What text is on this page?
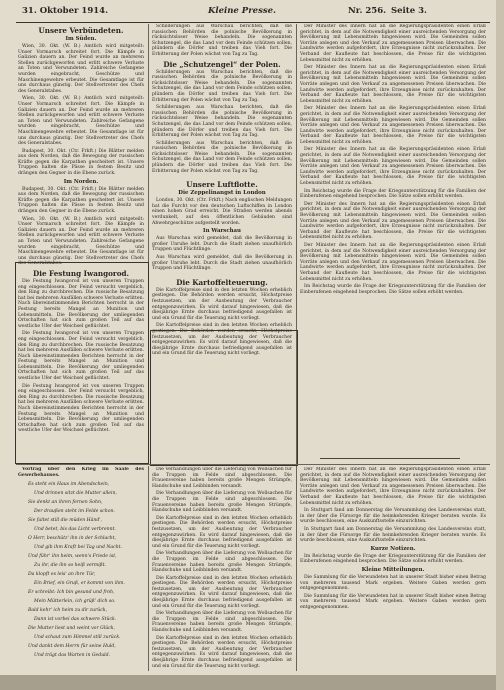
31. Oktober 1914.	Kleine Presse.	Nr. 256. Seite 3.
Unsere Verbündeten.
Im Süden.

Wien, 30. Okt. (W. B.) Amtlich wird mitgeteilt: Unser Vormarsch schreitet fort. Die Kämpfe in Galizien dauern an. Der Feind wurde an mehreren Stellen zurückgeworfen und erlitt schwere Verluste an Toten und Verwundeten. Zahlreiche Gefangene wurden eingebracht, Geschütze und Maschinengewehre erbeutet. Die Gesamtlage ist für uns durchaus günstig. Der Stellvertreter des Chefs des Generalstabes.

Wien, 30. Okt. (W. B.) Amtlich wird mitgeteilt: Unser Vormarsch schreitet fort. Die Kämpfe in Galizien dauern an. Der Feind wurde an mehreren Stellen zurückgeworfen und erlitt schwere Verluste an Toten und Verwundeten. Zahlreiche Gefangene wurden eingebracht, Geschütze und Maschinengewehre erbeutet. Die Gesamtlage ist für uns durchaus günstig. Der Stellvertreter des Chefs des Generalstabes.

Budapest, 30. Okt. (Ctr. Frkft.) Die Blätter melden aus dem Norden, daß die Bewegung der russischen Kräfte gegen die Karpathen gescheitert ist. Unsere Truppen halten die Pässe in festem Besitz und drängen den Gegner in die Ebene zurück.

Im Norden.

Budapest, 30. Okt. (Ctr. Frkft.) Die Blätter melden aus dem Norden, daß die Bewegung der russischen Kräfte gegen die Karpathen gescheitert ist. Unsere Truppen halten die Pässe in festem Besitz und drängen den Gegner in die Ebene zurück.

Wien, 30. Okt. (W. B.) Amtlich wird mitgeteilt: Unser Vormarsch schreitet fort. Die Kämpfe in Galizien dauern an. Der Feind wurde an mehreren Stellen zurückgeworfen und erlitt schwere Verluste an Toten und Verwundeten. Zahlreiche Gefangene wurden eingebracht, Geschütze und Maschinengewehre erbeutet. Die Gesamtlage ist für uns durchaus günstig. Der Stellvertreter des Chefs des Generalstabes.

Die Festung Iwangorod.

Die Festung Iwangorod ist von unseren Truppen eng eingeschlossen. Der Feind versucht vergeblich, den Ring zu durchbrechen. Die russische Besatzung hat bei mehreren Ausfällen schwere Verluste erlitten. Nach übereinstimmenden Berichten herrscht in der Festung bereits Mangel an Munition und Lebensmitteln. Die Bevölkerung der umliegenden Ortschaften hat sich zum großen Teil auf das westliche Ufer der Weichsel geflüchtet.

Die Festung Iwangorod ist von unseren Truppen eng eingeschlossen. Der Feind versucht vergeblich, den Ring zu durchbrechen. Die russische Besatzung hat bei mehreren Ausfällen schwere Verluste erlitten. Nach übereinstimmenden Berichten herrscht in der Festung bereits Mangel an Munition und Lebensmitteln. Die Bevölkerung der umliegenden Ortschaften hat sich zum großen Teil auf das westliche Ufer der Weichsel geflüchtet.

Die Festung Iwangorod ist von unseren Truppen eng eingeschlossen. Der Feind versucht vergeblich, den Ring zu durchbrechen. Die russische Besatzung hat bei mehreren Ausfällen schwere Verluste erlitten. Nach übereinstimmenden Berichten herrscht in der Festung bereits Mangel an Munition und Lebensmitteln. Die Bevölkerung der umliegenden Ortschaften hat sich zum großen Teil auf das westliche Ufer der Weichsel geflüchtet.

Schilderungen aus Warschau berichten, daß die russischen Behörden die polnische Bevölkerung in rücksichtsloser Weise behandeln. Die sogenannten Schutzengel, die das Land vor dem Feinde schützen sollen, plündern die Dörfer und treiben das Vieh fort. Die Erbitterung der Polen wächst von Tag zu Tag.

Die „Schutzengel“ der Polen.

Schilderungen aus Warschau berichten, daß die russischen Behörden die polnische Bevölkerung in rücksichtsloser Weise behandeln. Die sogenannten Schutzengel, die das Land vor dem Feinde schützen sollen, plündern die Dörfer und treiben das Vieh fort. Die Erbitterung der Polen wächst von Tag zu Tag.

Schilderungen aus Warschau berichten, daß die russischen Behörden die polnische Bevölkerung in rücksichtsloser Weise behandeln. Die sogenannten Schutzengel, die das Land vor dem Feinde schützen sollen, plündern die Dörfer und treiben das Vieh fort. Die Erbitterung der Polen wächst von Tag zu Tag.

Schilderungen aus Warschau berichten, daß die russischen Behörden die polnische Bevölkerung in rücksichtsloser Weise behandeln. Die sogenannten Schutzengel, die das Land vor dem Feinde schützen sollen, plündern die Dörfer und treiben das Vieh fort. Die Erbitterung der Polen wächst von Tag zu Tag.

Unsere Luftflotte.
Die Zeppelinangst in London

London, 30. Okt. (Ctr. Frkft.) Nach englischen Meldungen hat die Furcht vor den deutschen Luftschiffen in London einen hohen Grad erreicht. Die Straßen werden abends verdunkelt, auf den öffentlichen Gebäuden sind Abwehrgeschütze aufgestellt worden.

In Warschau

Aus Warschau wird gemeldet, daß die Bevölkerung in großer Unruhe lebt. Durch die Stadt ziehen unaufhörlich Truppen und Flüchtlinge.

Aus Warschau wird gemeldet, daß die Bevölkerung in großer Unruhe lebt. Durch die Stadt ziehen unaufhörlich Truppen und Flüchtlinge.

Die Kartoffelteuerung.

Die Kartoffelpreise sind in den letzten Wochen erheblich gestiegen. Die Behörden werden ersucht, Höchstpreise festzusetzen, um der Ausbeutung der Verbraucher entgegenzuwirken. Es wird darauf hingewiesen, daß die diesjährige Ernte durchaus befriedigend ausgefallen ist und ein Grund für die Teuerung nicht vorliegt.

Die Kartoffelpreise sind in den letzten Wochen erheblich gestiegen. Die Behörden werden ersucht, Höchstpreise festzusetzen, um der Ausbeutung der Verbraucher entgegenzuwirken. Es wird darauf hingewiesen, daß die diesjährige Ernte durchaus befriedigend ausgefallen ist und ein Grund für die Teuerung nicht vorliegt.

Der Minister des Innern hat an die Regierungspräsidenten einen Erlaß gerichtet, in dem auf die Notwendigkeit einer ausreichenden Versorgung der Bevölkerung mit Lebensmitteln hingewiesen wird. Die Gemeinden sollen Vorräte anlegen und den Verkauf zu angemessenen Preisen überwachen. Die Landwirte werden aufgefordert, ihre Erzeugnisse nicht zurückzuhalten. Der Verband der Kaufleute hat beschlossen, die Preise für die wichtigsten Lebensmittel nicht zu erhöhen.

Der Minister des Innern hat an die Regierungspräsidenten einen Erlaß gerichtet, in dem auf die Notwendigkeit einer ausreichenden Versorgung der Bevölkerung mit Lebensmitteln hingewiesen wird. Die Gemeinden sollen Vorräte anlegen und den Verkauf zu angemessenen Preisen überwachen. Die Landwirte werden aufgefordert, ihre Erzeugnisse nicht zurückzuhalten. Der Verband der Kaufleute hat beschlossen, die Preise für die wichtigsten Lebensmittel nicht zu erhöhen.

Der Minister des Innern hat an die Regierungspräsidenten einen Erlaß gerichtet, in dem auf die Notwendigkeit einer ausreichenden Versorgung der Bevölkerung mit Lebensmitteln hingewiesen wird. Die Gemeinden sollen Vorräte anlegen und den Verkauf zu angemessenen Preisen überwachen. Die Landwirte werden aufgefordert, ihre Erzeugnisse nicht zurückzuhalten. Der Verband der Kaufleute hat beschlossen, die Preise für die wichtigsten Lebensmittel nicht zu erhöhen.

Der Minister des Innern hat an die Regierungspräsidenten einen Erlaß gerichtet, in dem auf die Notwendigkeit einer ausreichenden Versorgung der Bevölkerung mit Lebensmitteln hingewiesen wird. Die Gemeinden sollen Vorräte anlegen und den Verkauf zu angemessenen Preisen überwachen. Die Landwirte werden aufgefordert, ihre Erzeugnisse nicht zurückzuhalten. Der Verband der Kaufleute hat beschlossen, die Preise für die wichtigsten Lebensmittel nicht zu erhöhen.

Im Reichstag wurde die Frage der Kriegsunterstützung für die Familien der Einberufenen eingehend besprochen. Die Sätze sollen erhöht werden.

Der Minister des Innern hat an die Regierungspräsidenten einen Erlaß gerichtet, in dem auf die Notwendigkeit einer ausreichenden Versorgung der Bevölkerung mit Lebensmitteln hingewiesen wird. Die Gemeinden sollen Vorräte anlegen und den Verkauf zu angemessenen Preisen überwachen. Die Landwirte werden aufgefordert, ihre Erzeugnisse nicht zurückzuhalten. Der Verband der Kaufleute hat beschlossen, die Preise für die wichtigsten Lebensmittel nicht zu erhöhen.

Der Minister des Innern hat an die Regierungspräsidenten einen Erlaß gerichtet, in dem auf die Notwendigkeit einer ausreichenden Versorgung der Bevölkerung mit Lebensmitteln hingewiesen wird. Die Gemeinden sollen Vorräte anlegen und den Verkauf zu angemessenen Preisen überwachen. Die Landwirte werden aufgefordert, ihre Erzeugnisse nicht zurückzuhalten. Der Verband der Kaufleute hat beschlossen, die Preise für die wichtigsten Lebensmittel nicht zu erhöhen.

Im Reichstag wurde die Frage der Kriegsunterstützung für die Familien der Einberufenen eingehend besprochen. Die Sätze sollen erhöht werden.

Vortrag über den Krieg im Saale des Gewerbehauses.

Es steht ein Haus im Abendschein,
Und drinnen sitzt die Mutter allein,
Sie denkt an ihren fernen Sohn,
Der draußen steht im Felde schon.
Sie faltet still die müden Händ',
Und betet, bis das Licht verbrennt.
O Herr, beschütz' ihn in der Schlacht,
Und gib ihm Kraft bei Tag und Nacht.
Und führ' ihn heim, wenn's Friede ist,
Zu ihr, die ihn so heiß vermißt.
Da klopft es leis' an ihre Tür,
Ein Brief, ein Gruß, er kommt von ihm.
Er schreibt: Ich bin gesund und froh,
Mein Mütterlein, ich grüß' dich so.
Bald kehr' ich heim zu dir zurück,
Dann ist vorbei das schwere Stück.
Die Mutter liest und weint vor Glück,
Und schaut zum Himmel still zurück.
Und dankt dem Herrn für seine Huld,
Und trägt das Warten in Geduld.

Die Verhandlungen über die Lieferung von Wollsachen für die Truppen im Felde sind abgeschlossen. Die Frauenvereine haben bereits große Mengen Strümpfe, Handschuhe und Leibbinden versandt.

Die Verhandlungen über die Lieferung von Wollsachen für die Truppen im Felde sind abgeschlossen. Die Frauenvereine haben bereits große Mengen Strümpfe, Handschuhe und Leibbinden versandt.

Die Kartoffelpreise sind in den letzten Wochen erheblich gestiegen. Die Behörden werden ersucht, Höchstpreise festzusetzen, um der Ausbeutung der Verbraucher entgegenzuwirken. Es wird darauf hingewiesen, daß die diesjährige Ernte durchaus befriedigend ausgefallen ist und ein Grund für die Teuerung nicht vorliegt.

Die Verhandlungen über die Lieferung von Wollsachen für die Truppen im Felde sind abgeschlossen. Die Frauenvereine haben bereits große Mengen Strümpfe, Handschuhe und Leibbinden versandt.

Die Kartoffelpreise sind in den letzten Wochen erheblich gestiegen. Die Behörden werden ersucht, Höchstpreise festzusetzen, um der Ausbeutung der Verbraucher entgegenzuwirken. Es wird darauf hingewiesen, daß die diesjährige Ernte durchaus befriedigend ausgefallen ist und ein Grund für die Teuerung nicht vorliegt.

Die Verhandlungen über die Lieferung von Wollsachen für die Truppen im Felde sind abgeschlossen. Die Frauenvereine haben bereits große Mengen Strümpfe, Handschuhe und Leibbinden versandt.

Die Kartoffelpreise sind in den letzten Wochen erheblich gestiegen. Die Behörden werden ersucht, Höchstpreise festzusetzen, um der Ausbeutung der Verbraucher entgegenzuwirken. Es wird darauf hingewiesen, daß die diesjährige Ernte durchaus befriedigend ausgefallen ist und ein Grund für die Teuerung nicht vorliegt.

Der Minister des Innern hat an die Regierungspräsidenten einen Erlaß gerichtet, in dem auf die Notwendigkeit einer ausreichenden Versorgung der Bevölkerung mit Lebensmitteln hingewiesen wird. Die Gemeinden sollen Vorräte anlegen und den Verkauf zu angemessenen Preisen überwachen. Die Landwirte werden aufgefordert, ihre Erzeugnisse nicht zurückzuhalten. Der Verband der Kaufleute hat beschlossen, die Preise für die wichtigsten Lebensmittel nicht zu erhöhen.

In Stuttgart fand am Donnerstag die Versammlung des Landesvereins statt, in der über die Fürsorge für die heimkehrenden Krieger beraten wurde. Es wurde beschlossen, eine Auskunftsstelle einzurichten.

In Stuttgart fand am Donnerstag die Versammlung des Landesvereins statt, in der über die Fürsorge für die heimkehrenden Krieger beraten wurde. Es wurde beschlossen, eine Auskunftsstelle einzurichten.

Kurze Notizen.

Im Reichstag wurde die Frage der Kriegsunterstützung für die Familien der Einberufenen eingehend besprochen. Die Sätze sollen erhöht werden.

Kleine Mitteilungen.

Die Sammlung für die Verwundeten hat in unserer Stadt bisher einen Betrag von mehreren tausend Mark ergeben. Weitere Gaben werden gern entgegengenommen.

Die Sammlung für die Verwundeten hat in unserer Stadt bisher einen Betrag von mehreren tausend Mark ergeben. Weitere Gaben werden gern entgegengenommen.
